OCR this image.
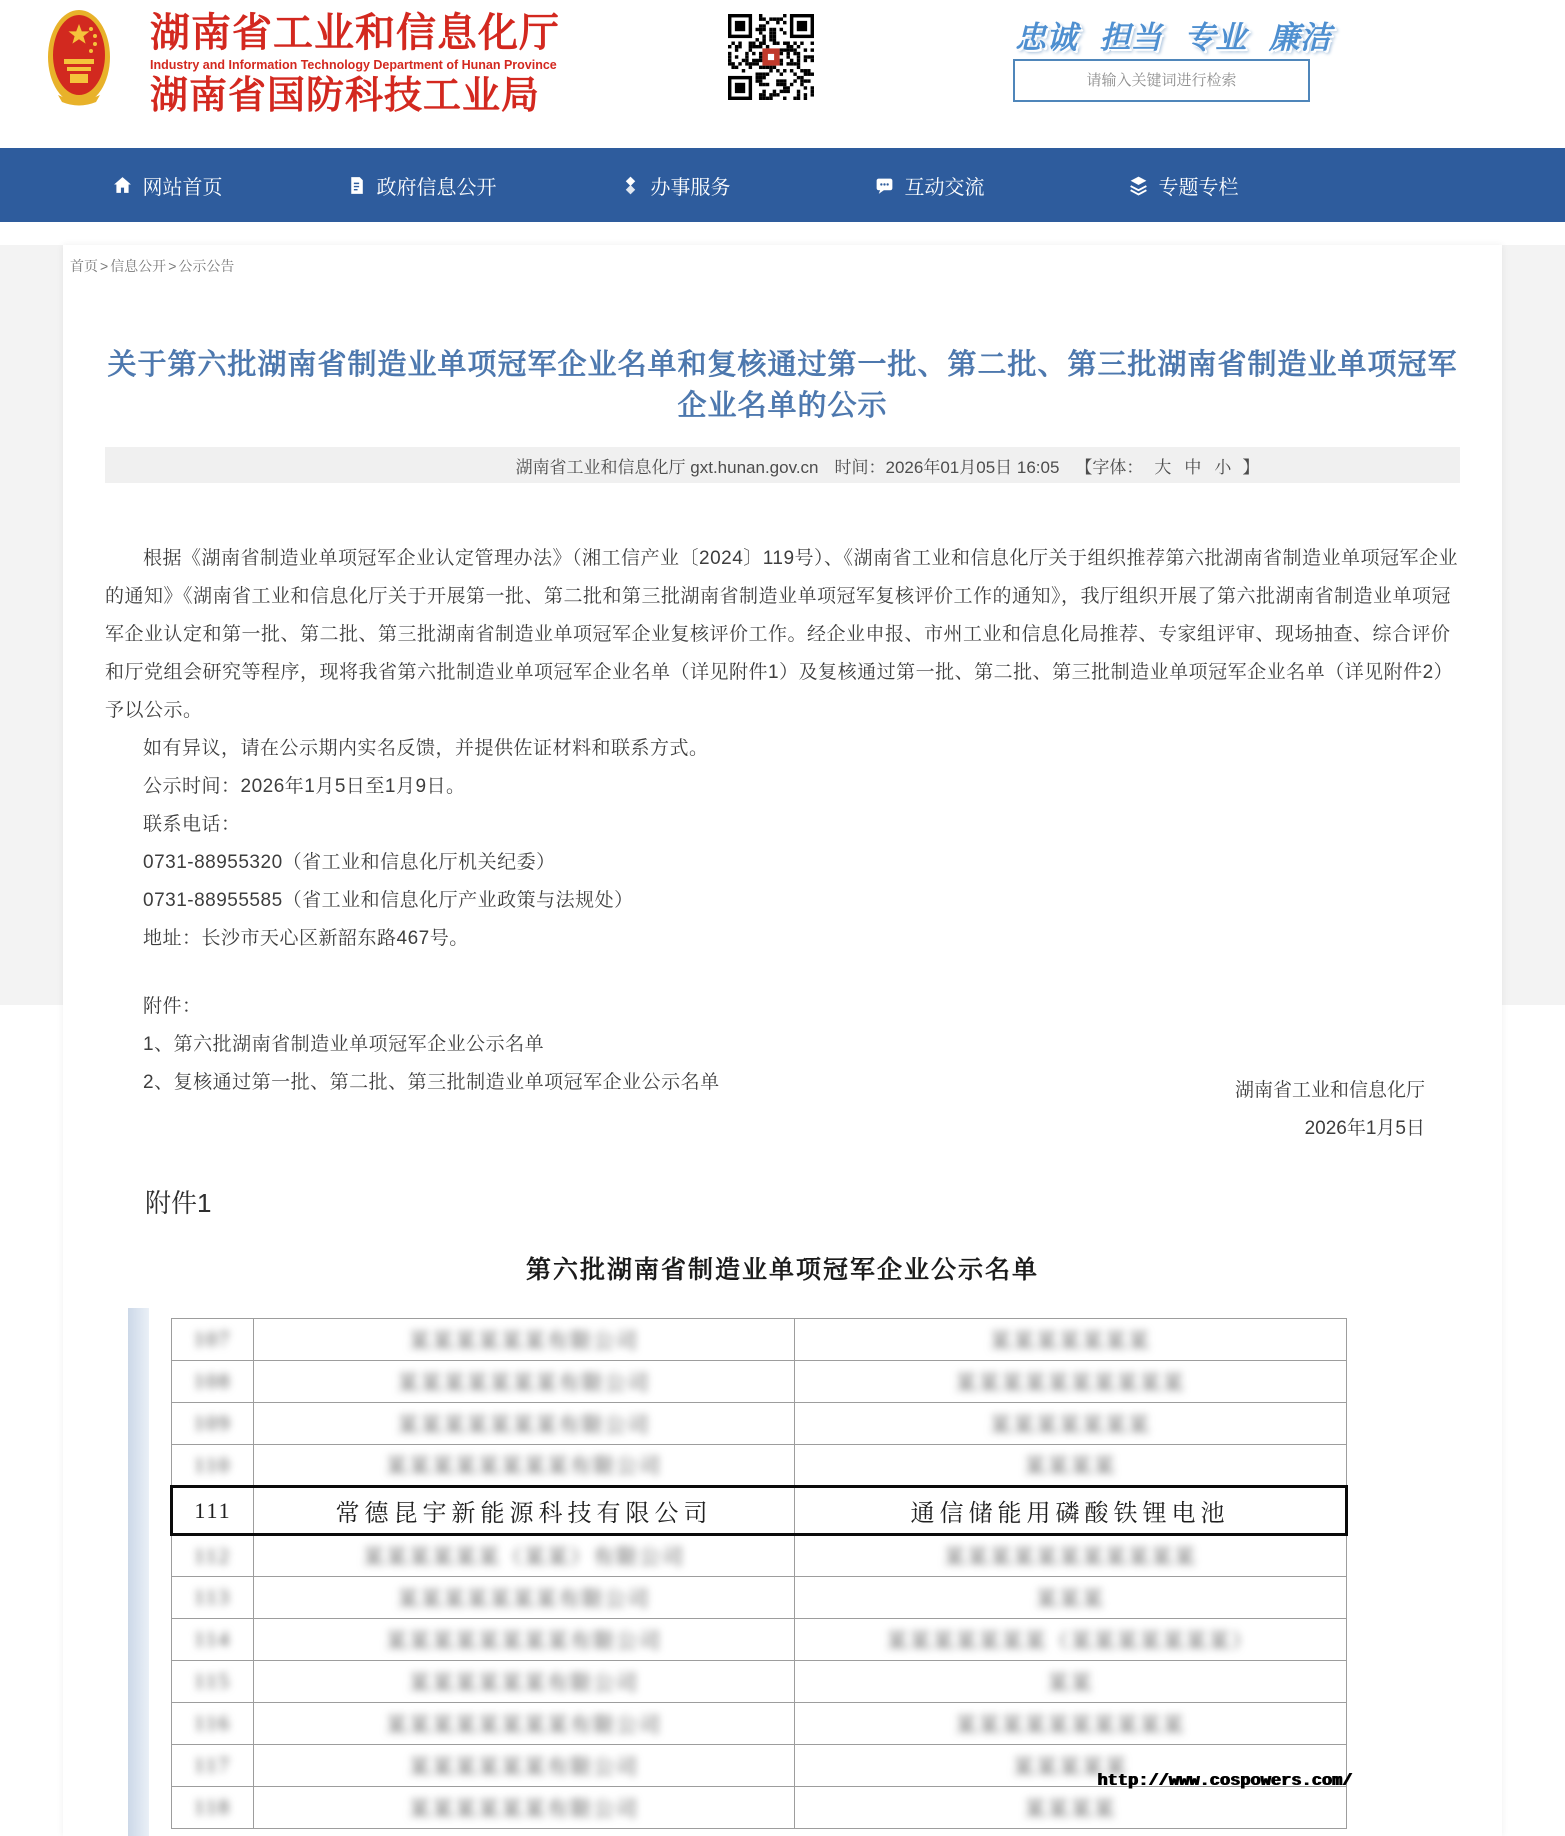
湖南省工业和信息化厅
Industry and Information Technology Department of Hunan Province
湖南省国防科技工业局
忠诚 担当 专业 廉洁
请输入关键词进行检索
网站首页	政府信息公开	办事服务	互动交流	专题专栏
首页 > 信息公开 > 公示公告
关于第六批湖南省制造业单项冠军企业名单和复核通过第一批、第二批、第三批湖南省制造业单项冠军企业名单的公示
湖南省工业和信息化厅 gxt.hunan.gov.cn 时间：2026年01月05日 16:05 【字体： 大 中 小 】

根据《湖南省制造业单项冠军企业认定管理办法》（湘工信产业〔2024〕119号）、《湖南省工业和信息化厅关于组织推荐第六批湖南省制造业单项冠军企业的通知》《湖南省工业和信息化厅关于开展第一批、第二批和第三批湖南省制造业单项冠军复核评价工作的通知》，我厅组织开展了第六批湖南省制造业单项冠军企业认定和第一批、第二批、第三批湖南省制造业单项冠军企业复核评价工作。经企业申报、市州工业和信息化局推荐、专家组评审、现场抽查、综合评价和厅党组会研究等程序，现将我省第六批制造业单项冠军企业名单（详见附件1）及复核通过第一批、第二批、第三批制造业单项冠军企业名单（详见附件2）予以公示。

如有异议，请在公示期内实名反馈，并提供佐证材料和联系方式。

公示时间：2026年1月5日至1月9日。

联系电话：

0731-88955320（省工业和信息化厅机关纪委）

0731-88955585（省工业和信息化厅产业政策与法规处）

地址：长沙市天心区新韶东路467号。

附件：

1、第六批湖南省制造业单项冠军企业公示名单

2、复核通过第一批、第二批、第三批制造业单项冠军企业公示名单	湖南省工业和信息化厅
2026年1月5日
附件1
第六批湖南省制造业单项冠军企业公示名单
107	某某某某某某有限公司	某某某某某某某
108	某某某某某某某有限公司	某某某某某某某某某某
109	某某某某某某某有限公司	某某某某某某某
110	某某某某某某某某有限公司	某某某某
111	常德昆宇新能源科技有限公司	通信储能用磷酸铁锂电池
112	某某某某某某（某某）有限公司	某某某某某某某某某某某
113	某某某某某某某有限公司	某某某
114	某某某某某某某某有限公司	某某某某某某某（某某某某某某某）
115	某某某某某某有限公司	某某
116	某某某某某某某某有限公司	某某某某某某某某某某
117	某某某某某某有限公司	某某某某某
118	某某某某某某有限公司	某某某某
http://www.cospowers.com/
